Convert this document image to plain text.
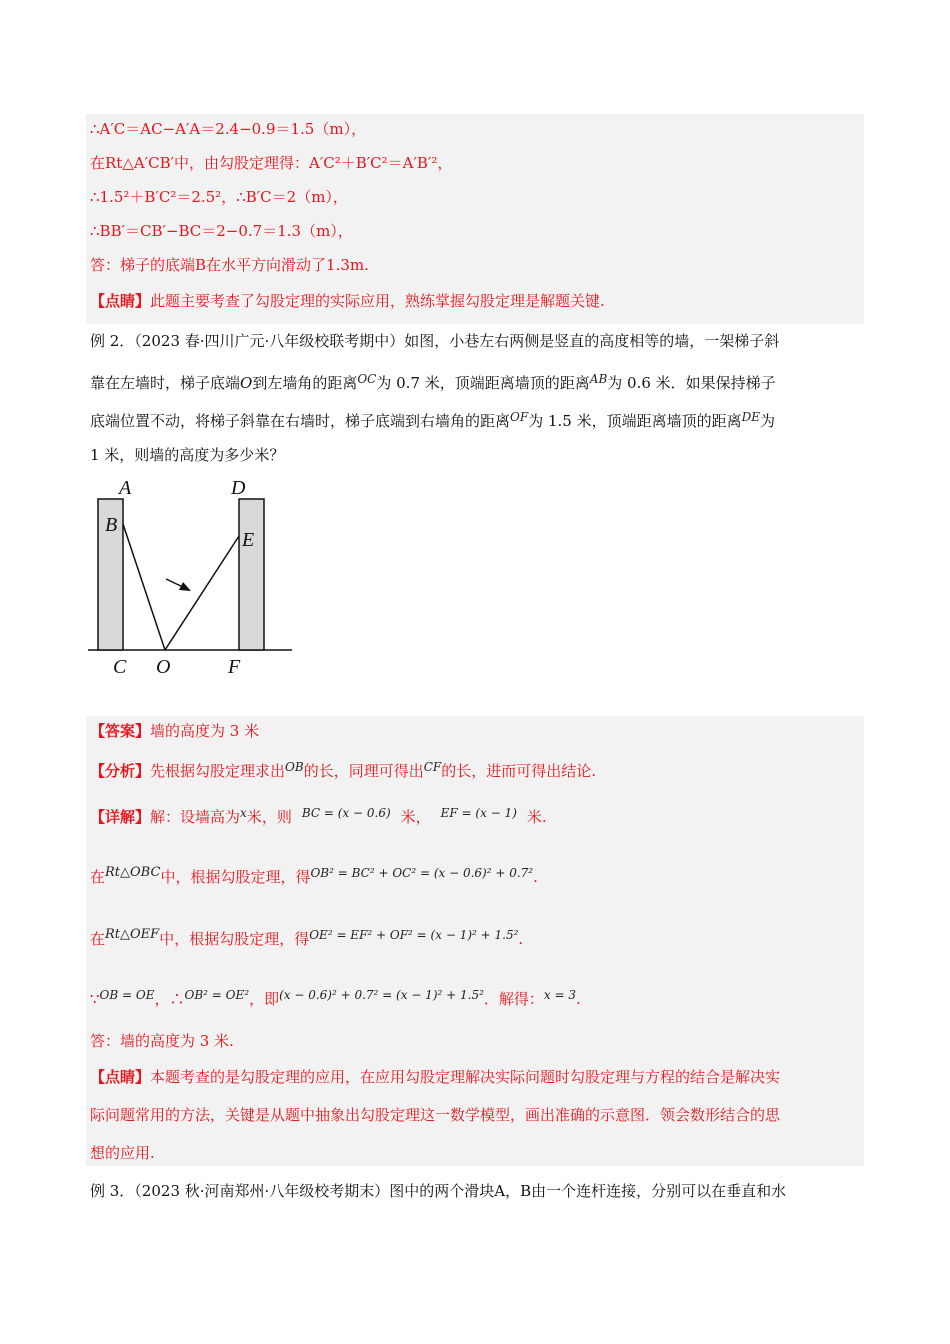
∴A′C＝AC−A′A＝2.4−0.9＝1.5（m），
在Rt△A′CB′中，由勾股定理得：A′C²＋B′C²＝A′B′²，
∴1.5²＋B′C²＝2.5²，∴B′C＝2（m），
∴BB′＝CB′−BC＝2−0.7＝1.3（m），
答：梯子的底端B在水平方向滑动了1.3m.
【点睛】此题主要考查了勾股定理的实际应用，熟练掌握勾股定理是解题关键.
例 2．（2023 春·四川广元·八年级校联考期中）如图，小巷左右两侧是竖直的高度相等的墙，一架梯子斜
靠在左墙时，梯子底端O到左墙角的距离$^{OC}$为 0.7 米，顶端距离墙顶的距离$^{AB}$为 0.6 米．如果保持梯子
底端位置不动，将梯子斜靠在右墙时，梯子底端到右墙角的距离$^{OF}$为 1.5 米，顶端距离墙顶的距离$^{DE}$为
1 米，则墙的高度为多少米？
A
B
C O
D
E
F
【答案】墙的高度为 3 米
【分析】先根据勾股定理求出$^{OB}$的长，同理可得出$^{CF}$的长，进而可得出结论.
【详解】解：设墙高为$^x$米，则 $^{BC = (x - 0.6)}$ 米， $^{EF = (x - 1)}$ 米.
在Rt△OBC中，根据勾股定理，得$^{OB^2 = BC^2 + OC^2 = (x - 0.6)^2 + 0.7^2}$.
在Rt△OEF中，根据勾股定理，得$^{OE^2 = EF^2 + OF^2 = (x - 1)^2 + 1.5^2}$.
∵$^{OB = OE}$，∴$^{OB^2 = OE^2}$，即$^{(x - 0.6)^2 + 0.7^2 = (x - 1)^2 + 1.5^2}$．解得：$^{x = 3}$.
答：墙的高度为 3 米.
【点睛】本题考查的是勾股定理的应用，在应用勾股定理解决实际问题时勾股定理与方程的结合是解决实
际问题常用的方法，关键是从题中抽象出勾股定理这一数学模型，画出准确的示意图．领会数形结合的思
想的应用.
例 3．（2023 秋·河南郑州·八年级校考期末）图中的两个滑块A，B由一个连杆连接，分别可以在垂直和水
